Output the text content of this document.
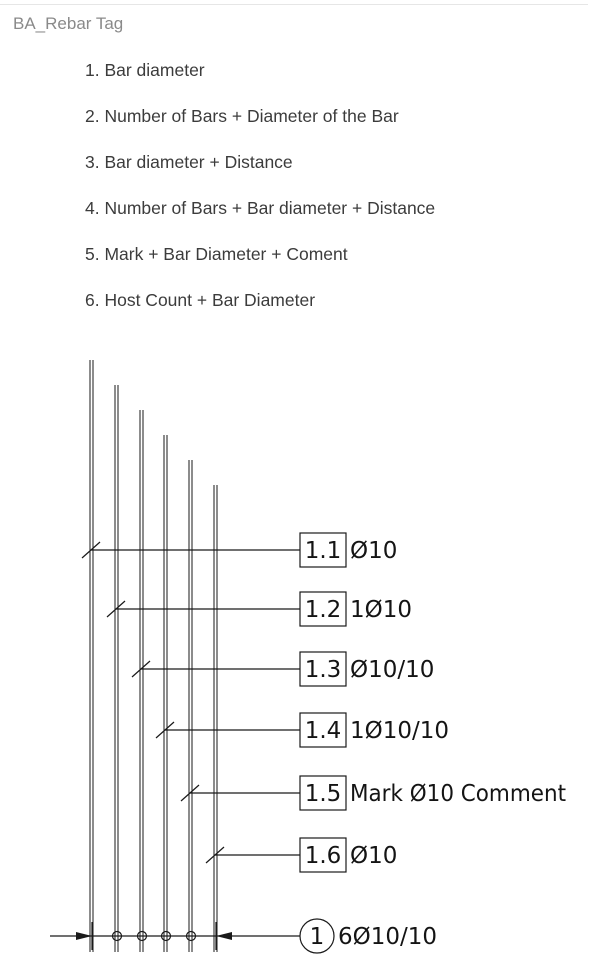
BA_Rebar Tag
1. Bar diameter
2. Number of Bars + Diameter of the Bar
3. Bar diameter + Distance
4. Number of Bars + Bar diameter + Distance
5. Mark + Bar Diameter + Coment
6. Host Count + Bar Diameter
1.1 Ø10
1.2 1Ø10
1.3 Ø10/10
1.4 1Ø10/10
1.5 Mark Ø10 Comment
1.6 Ø10
1 6Ø10/10
